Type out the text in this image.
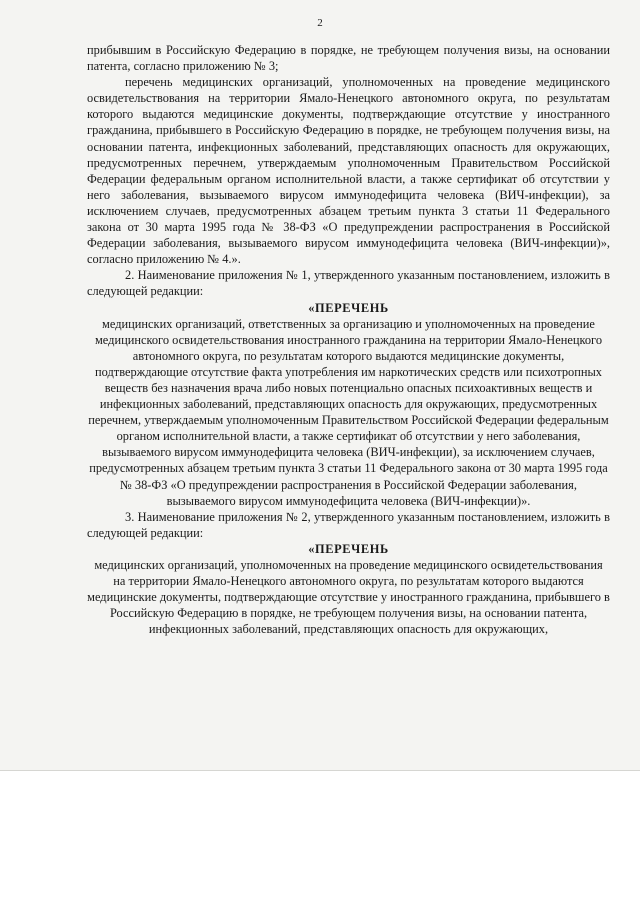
2

прибывшим в Российскую Федерацию в порядке, не требующем получения визы, на основании патента, согласно приложению № 3;

перечень медицинских организаций, уполномоченных на проведение медицинского освидетельствования на территории Ямало-Ненецкого автономного округа, по результатам которого выдаются медицинские документы, подтверждающие отсутствие у иностранного гражданина, прибывшего в Российскую Федерацию в порядке, не требующем получения визы, на основании патента, инфекционных заболеваний, представляющих опасность для окружающих, предусмотренных перечнем, утверждаемым уполномоченным Правительством Российской Федерации федеральным органом исполнительной власти, а также сертификат об отсутствии у него заболевания, вызываемого вирусом иммунодефицита человека (ВИЧ-инфекции), за исключением случаев, предусмотренных абзацем третьим пункта 3 статьи 11 Федерального закона от 30 марта 1995 года № 38-ФЗ «О предупреждении распространения в Российской Федерации заболевания, вызываемого вирусом иммунодефицита человека (ВИЧ-инфекции)», согласно приложению № 4.».

2. Наименование приложения № 1, утвержденного указанным постановлением, изложить в следующей редакции:

«ПЕРЕЧЕНЬ

медицинских организаций, ответственных за организацию и уполномоченных на проведение медицинского освидетельствования иностранного гражданина на территории Ямало-Ненецкого автономного округа, по результатам которого выдаются медицинские документы, подтверждающие отсутствие факта употребления им наркотических средств или психотропных веществ без назначения врача либо новых потенциально опасных психоактивных веществ и инфекционных заболеваний, представляющих опасность для окружающих, предусмотренных перечнем, утверждаемым уполномоченным Правительством Российской Федерации федеральным органом исполнительной власти, а также сертификат об отсутствии у него заболевания, вызываемого вирусом иммунодефицита человека (ВИЧ-инфекции), за исключением случаев, предусмотренных абзацем третьим пункта 3 статьи 11 Федерального закона от 30 марта 1995 года № 38-ФЗ «О предупреждении распространения в Российской Федерации заболевания, вызываемого вирусом иммунодефицита человека (ВИЧ-инфекции)».

3. Наименование приложения № 2, утвержденного указанным постановлением, изложить в следующей редакции:

«ПЕРЕЧЕНЬ

медицинских организаций, уполномоченных на проведение медицинского освидетельствования на территории Ямало-Ненецкого автономного округа, по результатам которого выдаются медицинские документы, подтверждающие отсутствие у иностранного гражданина, прибывшего в Российскую Федерацию в порядке, не требующем получения визы, на основании патента, инфекционных заболеваний, представляющих опасность для окружающих,
